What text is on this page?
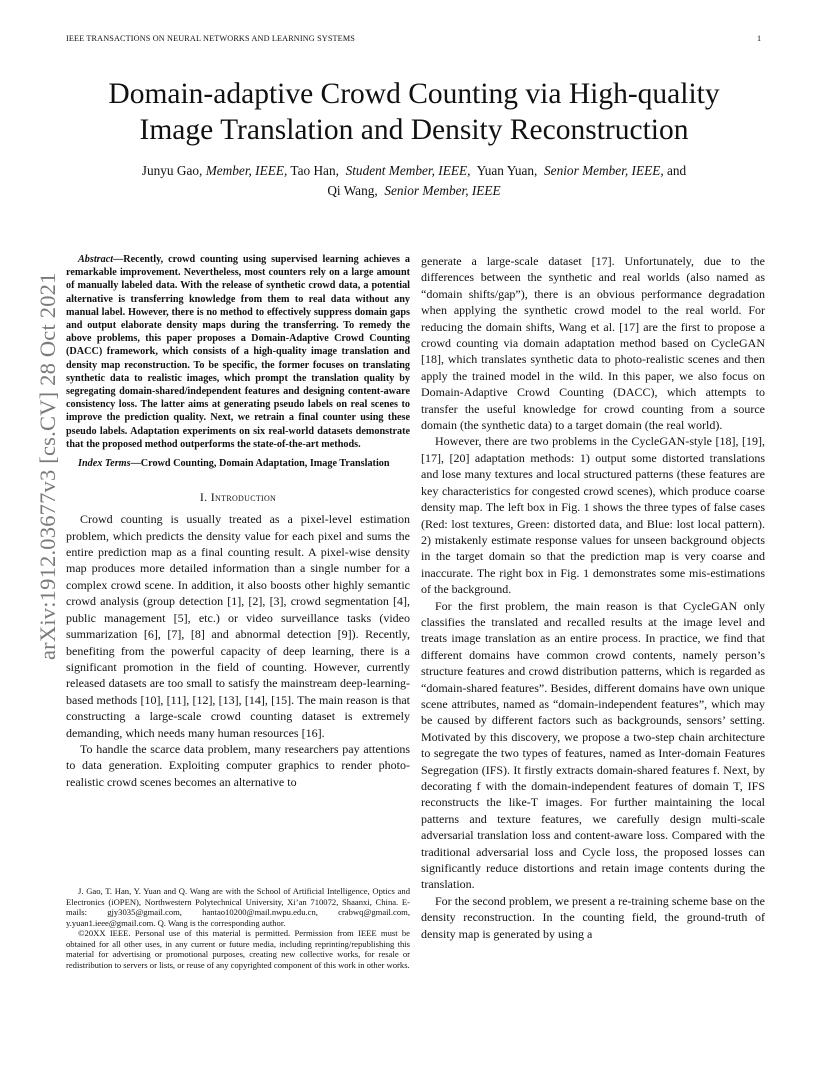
IEEE TRANSACTIONS ON NEURAL NETWORKS AND LEARNING SYSTEMS	1
arXiv:1912.03677v3 [cs.CV] 28 Oct 2021
Domain-adaptive Crowd Counting via High-quality
Image Translation and Density Reconstruction
Junyu Gao, Member, IEEE, Tao Han, Student Member, IEEE, Yuan Yuan, Senior Member, IEEE, and
Qi Wang, Senior Member, IEEE

Abstract—Recently, crowd counting using supervised learning achieves a remarkable improvement. Nevertheless, most counters rely on a large amount of manually labeled data. With the release of synthetic crowd data, a potential alternative is transferring knowledge from them to real data without any manual label. However, there is no method to effectively suppress domain gaps and output elaborate density maps during the transferring. To remedy the above problems, this paper proposes a Domain-Adaptive Crowd Counting (DACC) framework, which consists of a high-quality image translation and density map reconstruction. To be specific, the former focuses on translating synthetic data to realistic images, which prompt the translation quality by segregating domain-shared/independent features and designing content-aware consistency loss. The latter aims at generating pseudo labels on real scenes to improve the prediction quality. Next, we retrain a final counter using these pseudo labels. Adaptation experiments on six real-world datasets demonstrate that the proposed method outperforms the state-of-the-art methods.

Index Terms—Crowd Counting, Domain Adaptation, Image Translation

I. Introduction

Crowd counting is usually treated as a pixel-level estimation problem, which predicts the density value for each pixel and sums the entire prediction map as a final counting result. A pixel-wise density map produces more detailed information than a single number for a complex crowd scene. In addition, it also boosts other highly semantic crowd analysis (group detection [1], [2], [3], crowd segmentation [4], public management [5], etc.) or video surveillance tasks (video summarization [6], [7], [8] and abnormal detection [9]). Recently, benefiting from the powerful capacity of deep learning, there is a significant promotion in the field of counting. However, currently released datasets are too small to satisfy the mainstream deep-learning-based methods [10], [11], [12], [13], [14], [15]. The main reason is that constructing a large-scale crowd counting dataset is extremely demanding, which needs many human resources [16].

To handle the scarce data problem, many researchers pay attentions to data generation. Exploiting computer graphics to render photo-realistic crowd scenes becomes an alternative to

J. Gao, T. Han, Y. Yuan and Q. Wang are with the School of Artificial Intelligence, Optics and Electronics (iOPEN), Northwestern Polytechnical University, Xi’an 710072, Shaanxi, China. E-mails: gjy3035@gmail.com, hantao10200@mail.nwpu.edu.cn, crabwq@gmail.com, y.yuan1.ieee@gmail.com. Q. Wang is the corresponding author.

©20XX IEEE. Personal use of this material is permitted. Permission from IEEE must be obtained for all other uses, in any current or future media, including reprinting/republishing this material for advertising or promotional purposes, creating new collective works, for resale or redistribution to servers or lists, or reuse of any copyrighted component of this work in other works.

generate a large-scale dataset [17]. Unfortunately, due to the differences between the synthetic and real worlds (also named as “domain shifts/gap”), there is an obvious performance degradation when applying the synthetic crowd model to the real world. For reducing the domain shifts, Wang et al. [17] are the first to propose a crowd counting via domain adaptation method based on CycleGAN [18], which translates synthetic data to photo-realistic scenes and then apply the trained model in the wild. In this paper, we also focus on Domain-Adaptive Crowd Counting (DACC), which attempts to transfer the useful knowledge for crowd counting from a source domain (the synthetic data) to a target domain (the real world).

However, there are two problems in the CycleGAN-style [18], [19], [17], [20] adaptation methods: 1) output some distorted translations and lose many textures and local structured patterns (these features are key characteristics for congested crowd scenes), which produce coarse density map. The left box in Fig. 1 shows the three types of false cases (Red: lost textures, Green: distorted data, and Blue: lost local pattern). 2) mistakenly estimate response values for unseen background objects in the target domain so that the prediction map is very coarse and inaccurate. The right box in Fig. 1 demonstrates some mis-estimations of the background.

For the first problem, the main reason is that CycleGAN only classifies the translated and recalled results at the image level and treats image translation as an entire process. In practice, we find that different domains have common crowd contents, namely person’s structure features and crowd distribution patterns, which is regarded as “domain-shared features”. Besides, different domains have own unique scene attributes, named as “domain-independent features”, which may be caused by different factors such as backgrounds, sensors’ setting. Motivated by this discovery, we propose a two-step chain architecture to segregate the two types of features, named as Inter-domain Features Segregation (IFS). It firstly extracts domain-shared features f. Next, by decorating f with the domain-independent features of domain T, IFS reconstructs the like-T images. For further maintaining the local patterns and texture features, we carefully design multi-scale adversarial translation loss and content-aware loss. Compared with the traditional adversarial loss and Cycle loss, the proposed losses can significantly reduce distortions and retain image contents during the translation.

For the second problem, we present a re-training scheme base on the density reconstruction. In the counting field, the ground-truth of density map is generated by using a
